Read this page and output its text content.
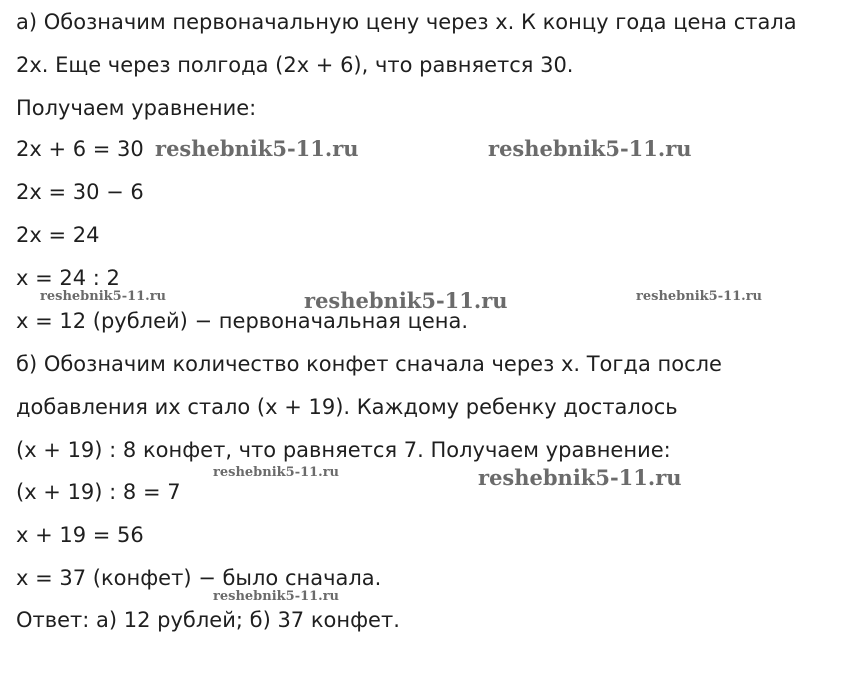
а) Обозначим первоначальную цену через x. К концу года цена стала
2x. Еще через полгода (2x + 6), что равняется 30.
Получаем уравнение:
2x + 6 = 30
2x = 30 − 6
2x = 24
x = 24 : 2
x = 12 (рублей) − первоначальная цена.
б) Обозначим количество конфет сначала через x. Тогда после
добавления их стало (x + 19). Каждому ребенку досталось
(x + 19) : 8 конфет, что равняется 7. Получаем уравнение:
(x + 19) : 8 = 7
x + 19 = 56
x = 37 (конфет) − было сначала.
Ответ: а) 12 рублей; б) 37 конфет.
reshebnik5-11.ru	reshebnik5-11.ru
reshebnik5-11.ru	reshebnik5-11.ru	reshebnik5-11.ru
reshebnik5-11.ru	reshebnik5-11.ru
reshebnik5-11.ru
